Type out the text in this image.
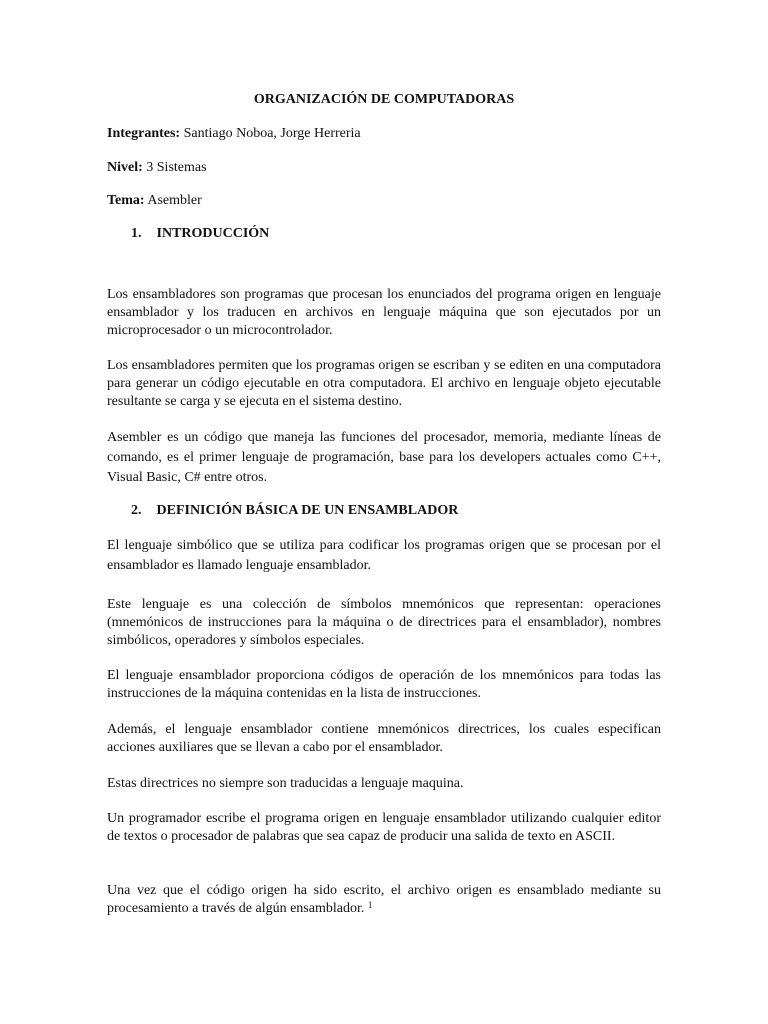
ORGANIZACIÓN DE COMPUTADORAS
Integrantes: Santiago Noboa, Jorge Herreria
Nivel: 3 Sistemas
Tema: Asembler
1. INTRODUCCIÓN
Los ensambladores son programas que procesan los enunciados del programa origen en lenguaje ensamblador y los traducen en archivos en lenguaje máquina que son ejecutados por un microprocesador o un microcontrolador.
Los ensambladores permiten que los programas origen se escriban y se editen en una computadora para generar un código ejecutable en otra computadora. El archivo en lenguaje objeto ejecutable resultante se carga y se ejecuta en el sistema destino.
Asembler es un código que maneja las funciones del procesador, memoria, mediante líneas de comando, es el primer lenguaje de programación, base para los developers actuales como C++, Visual Basic, C# entre otros.
2. DEFINICIÓN BÁSICA DE UN ENSAMBLADOR
El lenguaje simbólico que se utiliza para codificar los programas origen que se procesan por el ensamblador es llamado lenguaje ensamblador.
Este lenguaje es una colección de símbolos mnemónicos que representan: operaciones (mnemónicos de instrucciones para la máquina o de directrices para el ensamblador), nombres simbólicos, operadores y símbolos especiales.
El lenguaje ensamblador proporciona códigos de operación de los mnemónicos para todas las instrucciones de la máquina contenidas en la lista de instrucciones.
Además, el lenguaje ensamblador contiene mnemónicos directrices, los cuales especifican acciones auxiliares que se llevan a cabo por el ensamblador.
Estas directrices no siempre son traducidas a lenguaje maquina.
Un programador escribe el programa origen en lenguaje ensamblador utilizando cualquier editor de textos o procesador de palabras que sea capaz de producir una salida de texto en ASCII.
Una vez que el código origen ha sido escrito, el archivo origen es ensamblado mediante su procesamiento a través de algún ensamblador. $^1$
